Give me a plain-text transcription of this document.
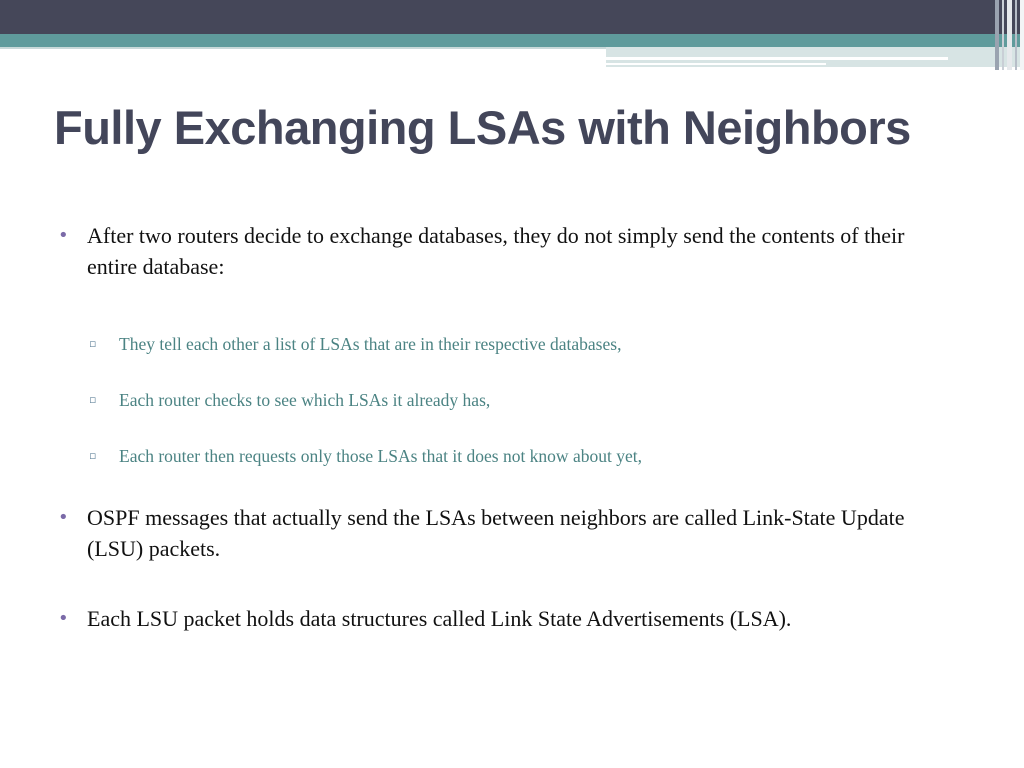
Fully Exchanging LSAs with Neighbors
• After two routers decide to exchange databases, they do not simply send the contents of their entire database:
▫ They tell each other a list of LSAs that are in their respective databases,
▫ Each router checks to see which LSAs it already has,
▫ Each router then requests only those LSAs that it does not know about yet,
• OSPF messages that actually send the LSAs between neighbors are called Link-State Update (LSU) packets.
• Each LSU packet holds data structures called Link State Advertisements (LSA).
